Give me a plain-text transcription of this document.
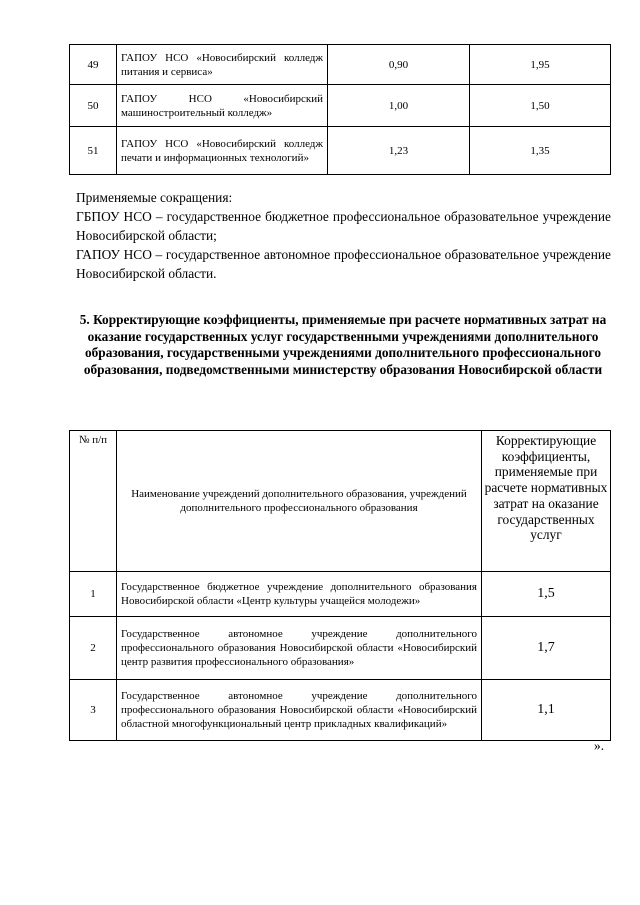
49	ГАПОУ НСО «Новосибирский колледж питания и сервиса»	0,90	1,95
50	ГАПОУ НСО «Новосибирский машиностроительный колледж»	1,00	1,50
51	ГАПОУ НСО «Новосибирский колледж печати и информационных технологий»	1,23	1,35

Применяемые сокращения:

ГБПОУ НСО – государственное бюджетное профессиональное образовательное учреждение Новосибирской области;

ГАПОУ НСО – государственное автономное профессиональное образовательное учреждение Новосибирской области.

5. Корректирующие коэффициенты, применяемые при расчете нормативных затрат на оказание государственных услуг государственными учреждениями дополнительного образования, государственными учреждениями дополнительного профессионального образования, подведомственными министерству образования Новосибирской области
№ п/п	Наименование учреждений дополнительного образования, учреждений дополнительного профессионального образования	Корректирующие коэффициенты, применяемые при расчете нормативных затрат на оказание государственных услуг
1	Государственное бюджетное учреждение дополнительного образования Новосибирской области «Центр культуры учащейся молодежи»	1,5
2	Государственное автономное учреждение дополнительного профессионального образования Новосибирской области «Новосибирский центр развития профессионального образования»	1,7
3	Государственное автономное учреждение дополнительного профессионального образования Новосибирской области «Новосибирский областной многофункциональный центр прикладных квалификаций»	1,1
».
